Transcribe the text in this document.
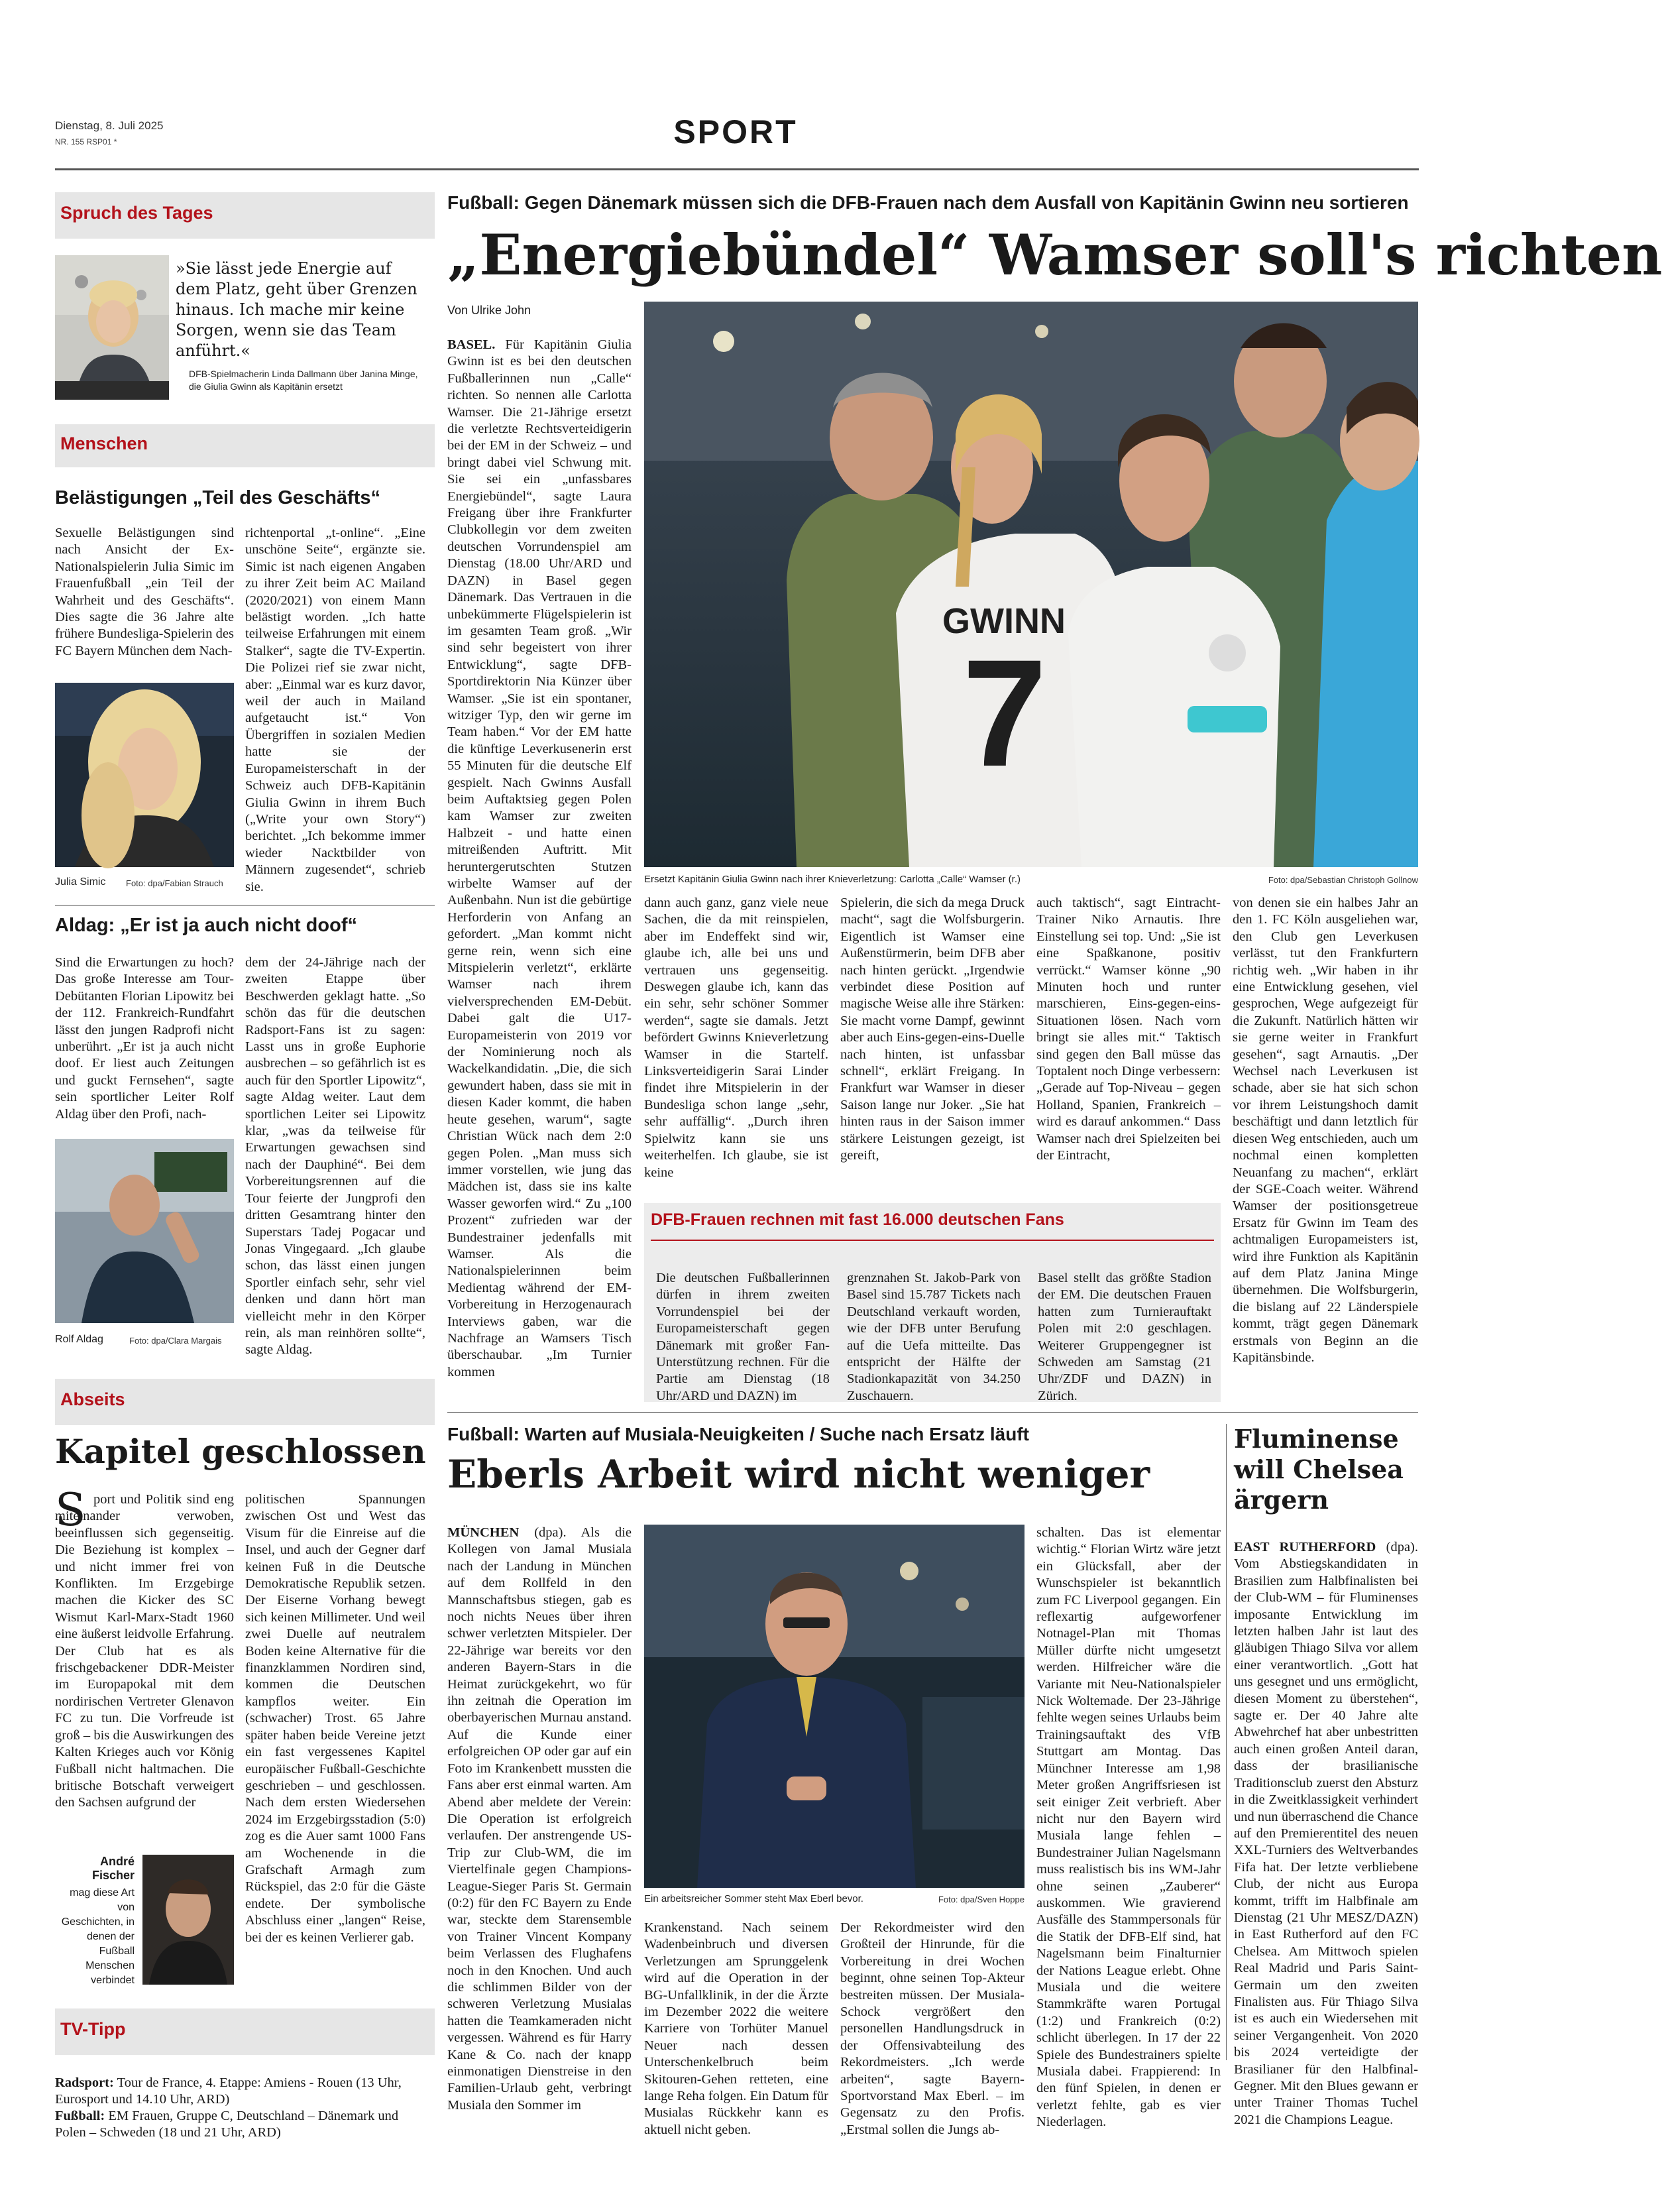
Dienstag, 8. Juli 2025
NR. 155 RSP01 *	SPORT
Spruch des Tages
»Sie lässt jede Energie auf dem Platz, geht über Grenzen hinaus. Ich mache mir keine Sorgen, wenn sie das Team anführt.«
DFB-Spielmacherin Linda Dallmann über Janina Minge, die Giulia Gwinn als Kapitänin ersetzt
Menschen
Belästigungen „Teil des Geschäfts“
Sexuelle Belästigungen sind nach Ansicht der Ex-Nationalspielerin Julia Simic im Frauenfußball „ein Teil der Wahrheit und des Geschäfts“. Dies sagte die 36 Jahre alte frühere Bundesliga-Spielerin des FC Bayern München dem Nach-
richtenportal „t-online“. „Eine unschöne Seite“, ergänzte sie. Simic ist nach eigenen Angaben zu ihrer Zeit beim AC Mailand (2020/2021) von einem Mann belästigt worden. „Ich hatte teilweise Erfahrungen mit einem Stalker“, sagte die TV-Expertin. Die Polizei rief sie zwar nicht, aber: „Einmal war es kurz davor, weil der auch in Mailand aufgetaucht ist.“ Von Übergriffen in sozialen Medien hatte sie der Europameisterschaft in der Schweiz auch DFB-Kapitänin Giulia Gwinn in ihrem Buch („Write your own Story“) berichtet. „Ich bekomme immer wieder Nacktbilder von Männern zugesendet“, schrieb sie.
Julia Simic Foto: dpa/Fabian Strauch
Aldag: „Er ist ja auch nicht doof“
Sind die Erwartungen zu hoch? Das große Interesse am Tour-Debütanten Florian Lipowitz bei der 112. Frankreich-Rundfahrt lässt den jungen Radprofi nicht unberührt. „Er ist ja auch nicht doof. Er liest auch Zeitungen und guckt Fernsehen“, sagte sein sportlicher Leiter Rolf Aldag über den Profi, nach-
dem der 24-Jährige nach der zweiten Etappe über Beschwerden geklagt hatte. „So schön das für die deutschen Radsport-Fans ist zu sagen: Lasst uns in große Euphorie ausbrechen – so gefährlich ist es auch für den Sportler Lipowitz“, sagte Aldag weiter. Laut dem sportlichen Leiter sei Lipowitz klar, „was da teilweise für Erwartungen gewachsen sind nach der Dauphiné“. Bei dem Vorbereitungsrennen auf die Tour feierte der Jungprofi den dritten Gesamtrang hinter den Superstars Tadej Pogacar und Jonas Vingegaard. „Ich glaube schon, das lässt einen jungen Sportler einfach sehr, sehr viel denken und dann hört man vielleicht mehr in den Körper rein, als man reinhören sollte“, sagte Aldag.
Rolf Aldag	Foto: dpa/Clara Margais
Abseits
Kapitel geschlossen
S port und Politik sind eng miteinander verwoben, beeinflussen sich gegenseitig. Die Beziehung ist komplex – und nicht immer frei von Konflikten. Im Erzgebirge machen die Kicker des SC Wismut Karl-Marx-Stadt 1960 eine äußerst leidvolle Erfahrung. Der Club hat es als frischgebackener DDR-Meister im Europapokal mit dem nordirischen Vertreter Glenavon FC zu tun. Die Vorfreude ist groß – bis die Auswirkungen des Kalten Krieges auch vor König Fußball nicht haltmachen. Die britische Botschaft verweigert den Sachsen aufgrund der
politischen Spannungen zwischen Ost und West das Visum für die Einreise auf die Insel, und auch der Gegner darf keinen Fuß in die Deutsche Demokratische Republik setzen. Der Eiserne Vorhang bewegt sich keinen Millimeter. Und weil zwei Duelle auf neutralem Boden keine Alternative für die finanzklammen Nordiren sind, kommen die Deutschen kampflos weiter. Ein (schwacher) Trost. 65 Jahre später haben beide Vereine jetzt ein fast vergessenes Kapitel europäischer Fußball-Geschichte geschrieben – und geschlossen. Nach dem ersten Wiedersehen 2024 im Erzgebirgsstadion (5:0) zog es die Auer samt 1000 Fans am Wochenende in die Grafschaft Armagh zum Rückspiel, das 2:0 für die Gäste endete. Der symbolische Abschluss einer „langen“ Reise, bei der es keinen Verlierer gab.
André Fischer
mag diese Art von Geschichten, in denen der Fußball Menschen verbindet
TV-Tipp
Radsport: Tour de France, 4. Etappe: Amiens - Rouen (13 Uhr, Eurosport und 14.10 Uhr, ARD)
Fußball: EM Frauen, Gruppe C, Deutschland – Dänemark und Polen – Schweden (18 und 21 Uhr, ARD)
Fußball: Gegen Dänemark müssen sich die DFB-Frauen nach dem Ausfall von Kapitänin Gwinn neu sortieren
„Energiebündel“ Wamser soll's richten
Von Ulrike John
BASEL. Für Kapitänin Giulia Gwinn ist es bei den deutschen Fußballerinnen nun „Calle“ richten. So nennen alle Carlotta Wamser. Die 21-Jährige ersetzt die verletzte Rechtsverteidigerin bei der EM in der Schweiz – und bringt dabei viel Schwung mit. Sie sei ein „unfassbares Energiebündel“, sagte Laura Freigang über ihre Frankfurter Clubkollegin vor dem zweiten deutschen Vorrundenspiel am Dienstag (18.00 Uhr/ARD und DAZN) in Basel gegen Dänemark. Das Vertrauen in die unbekümmerte Flügelspielerin ist im gesamten Team groß. „Wir sind sehr begeistert von ihrer Entwicklung“, sagte DFB-Sportdirektorin Nia Künzer über Wamser. „Sie ist ein spontaner, witziger Typ, den wir gerne im Team haben.“ Vor der EM hatte die künftige Leverkusenerin erst 55 Minuten für die deutsche Elf gespielt. Nach Gwinns Ausfall beim Auftaktsieg gegen Polen kam Wamser zur zweiten Halbzeit - und hatte einen mitreißenden Auftritt. Mit heruntergerutschten Stutzen wirbelte Wamser auf der Außenbahn. Nun ist die gebürtige Herforderin von Anfang an gefordert. „Man kommt nicht gerne rein, wenn sich eine Mitspielerin verletzt“, erklärte Wamser nach ihrem vielversprechenden EM-Debüt. Dabei galt die U17-Europameisterin von 2019 vor der Nominierung noch als Wackelkandidatin. „Die, die sich gewundert haben, dass sie mit in diesen Kader kommt, die haben heute gesehen, warum“, sagte Christian Wück nach dem 2:0 gegen Polen. „Man muss sich immer vorstellen, wie jung das Mädchen ist, dass sie ins kalte Wasser geworfen wird.“ Zu „100 Prozent“ zufrieden war der Bundestrainer jedenfalls mit Wamser. Als die Nationalspielerinnen beim Medientag während der EM-Vorbereitung in Herzogenaurach Interviews gaben, war die Nachfrage an Wamsers Tisch überschaubar. „Im Turnier kommen
GWINN
7
Ersetzt Kapitänin Giulia Gwinn nach ihrer Knieverletzung: Carlotta „Calle“ Wamser (r.)	Foto: dpa/Sebastian Christoph Gollnow
dann auch ganz, ganz viele neue Sachen, die da mit reinspielen, aber im Endeffekt sind wir, glaube ich, alle bei uns und vertrauen uns gegenseitig. Deswegen glaube ich, kann das ein sehr, sehr schöner Sommer werden“, sagte sie damals. Jetzt befördert Gwinns Knieverletzung Wamser in die Startelf. Linksverteidigerin Sarai Linder findet ihre Mitspielerin in der Bundesliga schon lange „sehr, sehr auffällig“. „Durch ihren Spielwitz kann sie uns weiterhelfen. Ich glaube, sie ist keine
Spielerin, die sich da mega Druck macht“, sagt die Wolfsburgerin. Eigentlich ist Wamser eine Außenstürmerin, beim DFB aber nach hinten gerückt. „Irgendwie verbindet diese Position auf magische Weise alle ihre Stärken: Sie macht vorne Dampf, gewinnt aber auch Eins-gegen-eins-Duelle nach hinten, ist unfassbar schnell“, erklärt Freigang. In Frankfurt war Wamser in dieser Saison lange nur Joker. „Sie hat hinten raus in der Saison immer stärkere Leistungen gezeigt, ist gereift,
auch taktisch“, sagt Eintracht-Trainer Niko Arnautis. Ihre Einstellung sei top. Und: „Sie ist eine Spaßkanone, positiv verrückt.“ Wamser könne „90 Minuten hoch und runter marschieren, Eins-gegen-eins-Situationen lösen. Nach vorn bringt sie alles mit.“ Taktisch sind gegen den Ball müsse das Toptalent noch Dinge verbessern: „Gerade auf Top-Niveau – gegen Holland, Spanien, Frankreich – wird es darauf ankommen.“ Dass Wamser nach drei Spielzeiten bei der Eintracht,
von denen sie ein halbes Jahr an den 1. FC Köln ausgeliehen war, den Club gen Leverkusen verlässt, tut den Frankfurtern richtig weh. „Wir haben in ihr eine Entwicklung gesehen, viel gesprochen, Wege aufgezeigt für die Zukunft. Natürlich hätten wir sie gerne weiter in Frankfurt gesehen“, sagt Arnautis. „Der Wechsel nach Leverkusen ist schade, aber sie hat sich schon vor ihrem Leistungshoch damit beschäftigt und dann letztlich für diesen Weg entschieden, auch um nochmal einen kompletten Neuanfang zu machen“, erklärt der SGE-Coach weiter. Während Wamser der positionsgetreue Ersatz für Gwinn im Team des achtmaligen Europameisters ist, wird ihre Funktion als Kapitänin auf dem Platz Janina Minge übernehmen. Die Wolfsburgerin, die bislang auf 22 Länderspiele kommt, trägt gegen Dänemark erstmals von Beginn an die Kapitänsbinde.
DFB-Frauen rechnen mit fast 16.000 deutschen Fans
Die deutschen Fußballerinnen dürfen in ihrem zweiten Vorrundenspiel bei der Europameisterschaft gegen Dänemark mit großer Fan-Unterstützung rechnen. Für die Partie am Dienstag (18 Uhr/ARD und DAZN) im
grenznahen St. Jakob-Park von Basel sind 15.787 Tickets nach Deutschland verkauft worden, wie der DFB unter Berufung auf die Uefa mitteilte. Das entspricht der Hälfte der Stadionkapazität von 34.250 Zuschauern.
Basel stellt das größte Stadion der EM. Die deutschen Frauen hatten zum Turnierauftakt Polen mit 2:0 geschlagen. Weiterer Gruppengegner ist Schweden am Samstag (21 Uhr/ZDF und DAZN) in Zürich.
Fußball: Warten auf Musiala-Neuigkeiten / Suche nach Ersatz läuft
Eberls Arbeit wird nicht weniger
MÜNCHEN (dpa). Als die Kollegen von Jamal Musiala nach der Landung in München auf dem Rollfeld in den Mannschaftsbus stiegen, gab es noch nichts Neues über ihren schwer verletzten Mitspieler. Der 22-Jährige war bereits vor den anderen Bayern-Stars in die Heimat zurückgekehrt, wo für ihn zeitnah die Operation im oberbayerischen Murnau anstand. Auf die Kunde einer erfolgreichen OP oder gar auf ein Foto im Krankenbett mussten die Fans aber erst einmal warten. Am Abend aber meldete der Verein: Die Operation ist erfolgreich verlaufen. Der anstrengende US-Trip zur Club-WM, die im Viertelfinale gegen Champions-League-Sieger Paris St. Germain (0:2) für den FC Bayern zu Ende war, steckte dem Starensemble von Trainer Vincent Kompany beim Verlassen des Flughafens noch in den Knochen. Und auch die schlimmen Bilder von der schweren Verletzung Musialas hatten die Teamkameraden nicht vergessen. Während es für Harry Kane & Co. nach der knapp einmonatigen Dienstreise in den Familien-Urlaub geht, verbringt Musiala den Sommer im
Ein arbeitsreicher Sommer steht Max Eberl bevor.	Foto: dpa/Sven Hoppe
Krankenstand. Nach seinem Wadenbeinbruch und diversen Verletzungen am Sprunggelenk wird auf die Operation in der BG-Unfallklinik, in der die Ärzte im Dezember 2022 die weitere Karriere von Torhüter Manuel Neuer nach dessen Unterschenkelbruch beim Skitouren-Gehen retteten, eine lange Reha folgen. Ein Datum für Musialas Rückkehr kann es aktuell nicht geben.
Der Rekordmeister wird den Großteil der Hinrunde, für die Vorbereitung in drei Wochen beginnt, ohne seinen Top-Akteur bestreiten müssen. Der Musiala-Schock vergrößert den personellen Handlungsdruck in der Offensivabteilung des Rekordmeisters. „Ich werde arbeiten“, sagte Bayern-Sportvorstand Max Eberl. – im Gegensatz zu den Profis. „Erstmal sollen die Jungs ab-
schalten. Das ist elementar wichtig.“ Florian Wirtz wäre jetzt ein Glücksfall, aber der Wunschspieler ist bekanntlich zum FC Liverpool gegangen. Ein reflexartig aufgeworfener Notnagel-Plan mit Thomas Müller dürfte nicht umgesetzt werden. Hilfreicher wäre die Variante mit Neu-Nationalspieler Nick Woltemade. Der 23-Jährige fehlte wegen seines Urlaubs beim Trainingsauftakt des VfB Stuttgart am Montag. Das Münchner Interesse am 1,98 Meter großen Angriffsriesen ist seit einiger Zeit verbrieft. Aber nicht nur den Bayern wird Musiala lange fehlen – Bundestrainer Julian Nagelsmann muss realistisch bis ins WM-Jahr ohne seinen „Zauberer“ auskommen. Wie gravierend Ausfälle des Stammpersonals für die Statik der DFB-Elf sind, hat Nagelsmann beim Finalturnier der Nations League erlebt. Ohne Musiala und die weitere Stammkräfte waren Portugal (1:2) und Frankreich (0:2) schlicht überlegen. In 17 der 22 Spiele des Bundestrainers spielte Musiala dabei. Frappierend: In den fünf Spielen, in denen er verletzt fehlte, gab es vier Niederlagen.
Fluminense will Chelsea ärgern
EAST RUTHERFORD (dpa). Vom Abstiegskandidaten in Brasilien zum Halbfinalisten bei der Club-WM – für Fluminenses imposante Entwicklung im letzten halben Jahr ist laut des gläubigen Thiago Silva vor allem einer verantwortlich. „Gott hat uns gesegnet und uns ermöglicht, diesen Moment zu überstehen“, sagte er. Der 40 Jahre alte Abwehrchef hat aber unbestritten auch einen großen Anteil daran, dass der brasilianische Traditionsclub zuerst den Absturz in die Zweitklassigkeit verhindert und nun überraschend die Chance auf den Premierentitel des neuen XXL-Turniers des Weltverbandes Fifa hat. Der letzte verbliebene Club, der nicht aus Europa kommt, trifft im Halbfinale am Dienstag (21 Uhr MESZ/DAZN) in East Rutherford auf den FC Chelsea. Am Mittwoch spielen Real Madrid und Paris Saint-Germain um den zweiten Finalisten aus. Für Thiago Silva ist es auch ein Wiedersehen mit seiner Vergangenheit. Von 2020 bis 2024 verteidigte der Brasilianer für den Halbfinal-Gegner. Mit den Blues gewann er unter Trainer Thomas Tuchel 2021 die Champions League.
